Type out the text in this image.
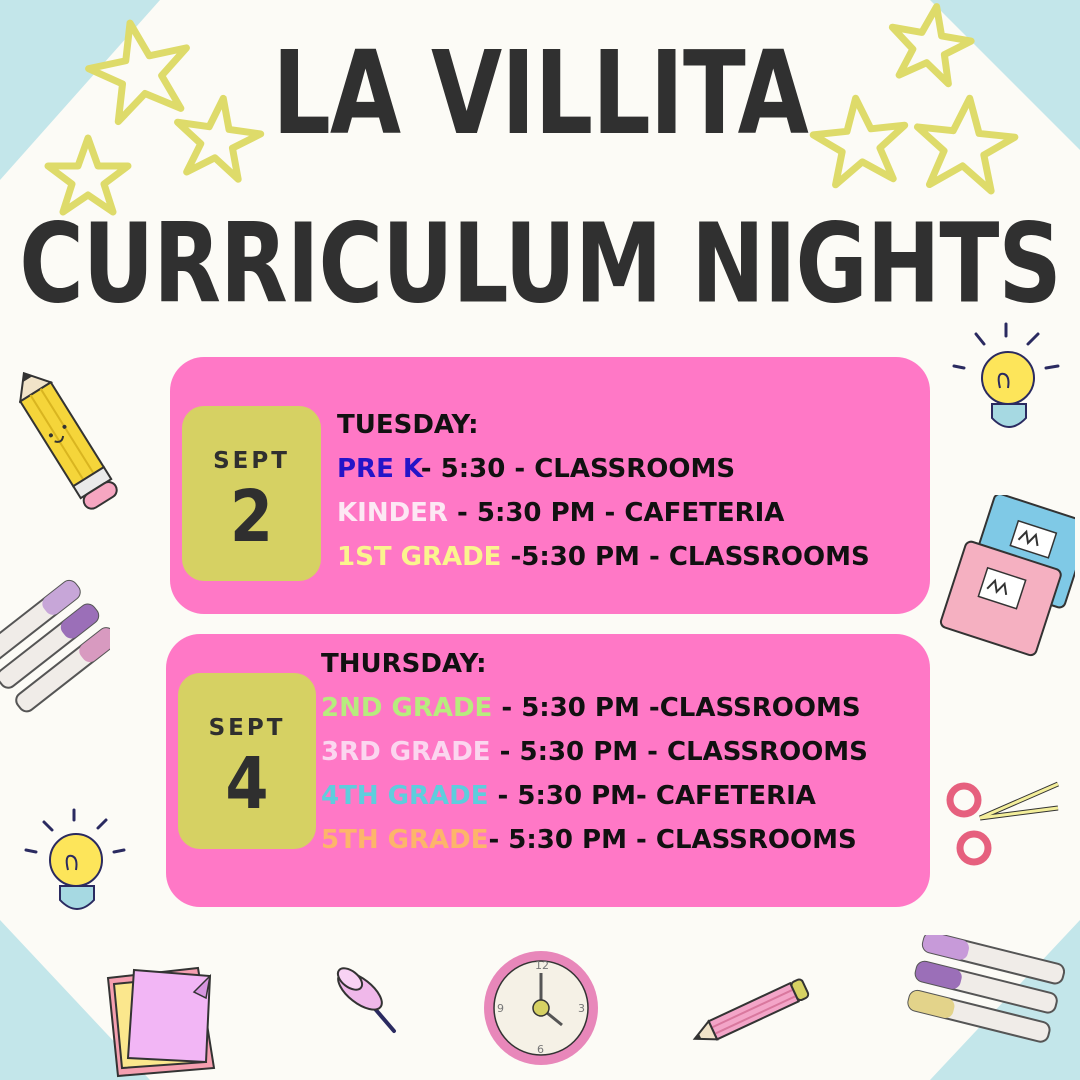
LA VILLITA
CURRICULUM NIGHTS
SEPT
2
TUESDAY:
PRE K- 5:30 - CLASSROOMS
KINDER - 5:30 PM - CAFETERIA
1ST GRADE -5:30 PM - CLASSROOMS
SEPT
4
THURSDAY:
2ND GRADE - 5:30 PM -CLASSROOMS
3RD GRADE - 5:30 PM - CLASSROOMS
4TH GRADE - 5:30 PM- CAFETERIA
5TH GRADE- 5:30 PM - CLASSROOMS
12
3
6
9
